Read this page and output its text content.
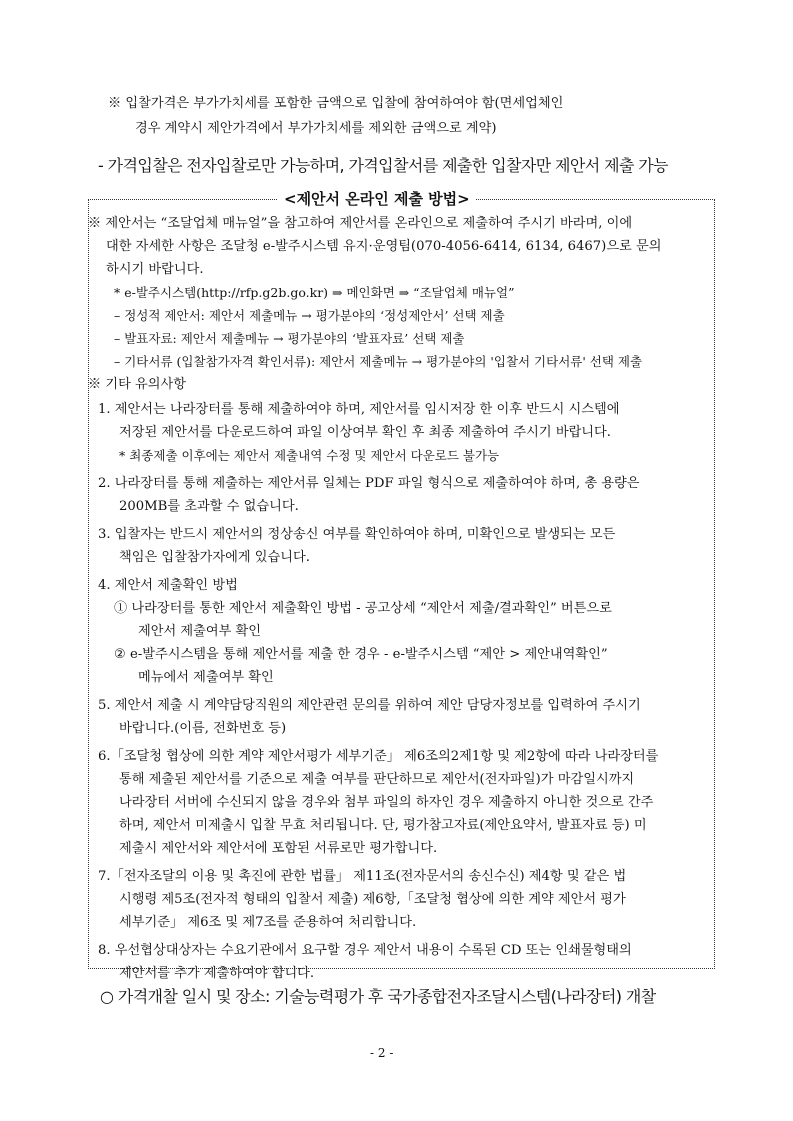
※ 입찰가격은 부가가치세를 포함한 금액으로 입찰에 참여하여야 함(면세업체인
경우 계약시 제안가격에서 부가가치세를 제외한 금액으로 계약)
- 가격입찰은 전자입찰로만 가능하며, 가격입찰서를 제출한 입찰자만 제안서 제출 가능
<제안서 온라인 제출 방법>
※ 제안서는 “조달업체 매뉴얼”을 참고하여 제안서를 온라인으로 제출하여 주시기 바라며, 이에
대한 자세한 사항은 조달청 e-발주시스템 유지·운영팀(070-4056-6414, 6134, 6467)으로 문의
하시기 바랍니다.
* e-발주시스템(http://rfp.g2b.go.kr) ⇒ 메인화면 ⇒ “조달업체 매뉴얼”
– 정성적 제안서: 제안서 제출메뉴 → 평가분야의 ‘정성제안서’ 선택 제출
– 발표자료: 제안서 제출메뉴 → 평가분야의 ‘발표자료’ 선택 제출
– 기타서류 (입찰참가자격 확인서류): 제안서 제출메뉴 → 평가분야의 '입찰서 기타서류' 선택 제출
※ 기타 유의사항
1. 제안서는 나라장터를 통해 제출하여야 하며, 제안서를 임시저장 한 이후 반드시 시스템에
저장된 제안서를 다운로드하여 파일 이상여부 확인 후 최종 제출하여 주시기 바랍니다.
* 최종제출 이후에는 제안서 제출내역 수정 및 제안서 다운로드 불가능
2. 나라장터를 통해 제출하는 제안서류 일체는 PDF 파일 형식으로 제출하여야 하며, 총 용량은
200MB를 초과할 수 없습니다.
3. 입찰자는 반드시 제안서의 정상송신 여부를 확인하여야 하며, 미확인으로 발생되는 모든
책임은 입찰참가자에게 있습니다.
4. 제안서 제출확인 방법
① 나라장터를 통한 제안서 제출확인 방법 - 공고상세 “제안서 제출/결과확인” 버튼으로
제안서 제출여부 확인
② e-발주시스템을 통해 제안서를 제출 한 경우 - e-발주시스템 “제안 > 제안내역확인”
메뉴에서 제출여부 확인
5. 제안서 제출 시 계약담당직원의 제안관련 문의를 위하여 제안 담당자정보를 입력하여 주시기
바랍니다.(이름, 전화번호 등)
6.「조달청 협상에 의한 계약 제안서평가 세부기준」 제6조의2제1항 및 제2항에 따라 나라장터를
통해 제출된 제안서를 기준으로 제출 여부를 판단하므로 제안서(전자파일)가 마감일시까지
나라장터 서버에 수신되지 않을 경우와 첨부 파일의 하자인 경우 제출하지 아니한 것으로 간주
하며, 제안서 미제출시 입찰 무효 처리됩니다. 단, 평가참고자료(제안요약서, 발표자료 등) 미
제출시 제안서와 제안서에 포함된 서류로만 평가합니다.
7.「전자조달의 이용 및 촉진에 관한 법률」 제11조(전자문서의 송신수신) 제4항 및 같은 법
시행령 제5조(전자적 형태의 입찰서 제출) 제6항,「조달청 협상에 의한 계약 제안서 평가
세부기준」 제6조 및 제7조를 준용하여 처리합니다.
8. 우선협상대상자는 수요기관에서 요구할 경우 제안서 내용이 수록된 CD 또는 인쇄물형태의
제안서를 추가 제출하여야 합니다.
○ 가격개찰 일시 및 장소: 기술능력평가 후 국가종합전자조달시스템(나라장터) 개찰
- 2 -
